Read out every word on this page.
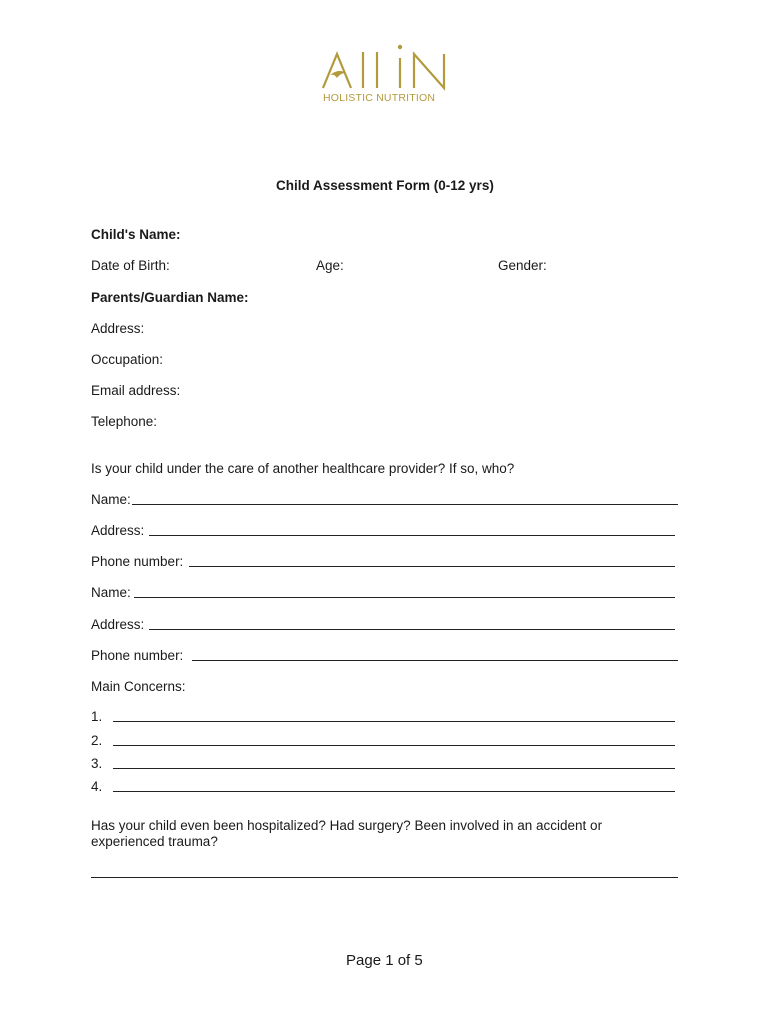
HOLISTIC NUTRITION
Child Assessment Form (0-12 yrs)
Child's Name:
Date of Birth:	Age:	Gender:
Parents/Guardian Name:
Address:
Occupation:
Email address:
Telephone:
Is your child under the care of another healthcare provider? If so, who?
Name:
Address:
Phone number:
Name:
Address:
Phone number:
Main Concerns:
1.
2.
3.
4.
Has your child even been hospitalized? Had surgery? Been involved in an accident or
experienced trauma?
Page 1 of 5
